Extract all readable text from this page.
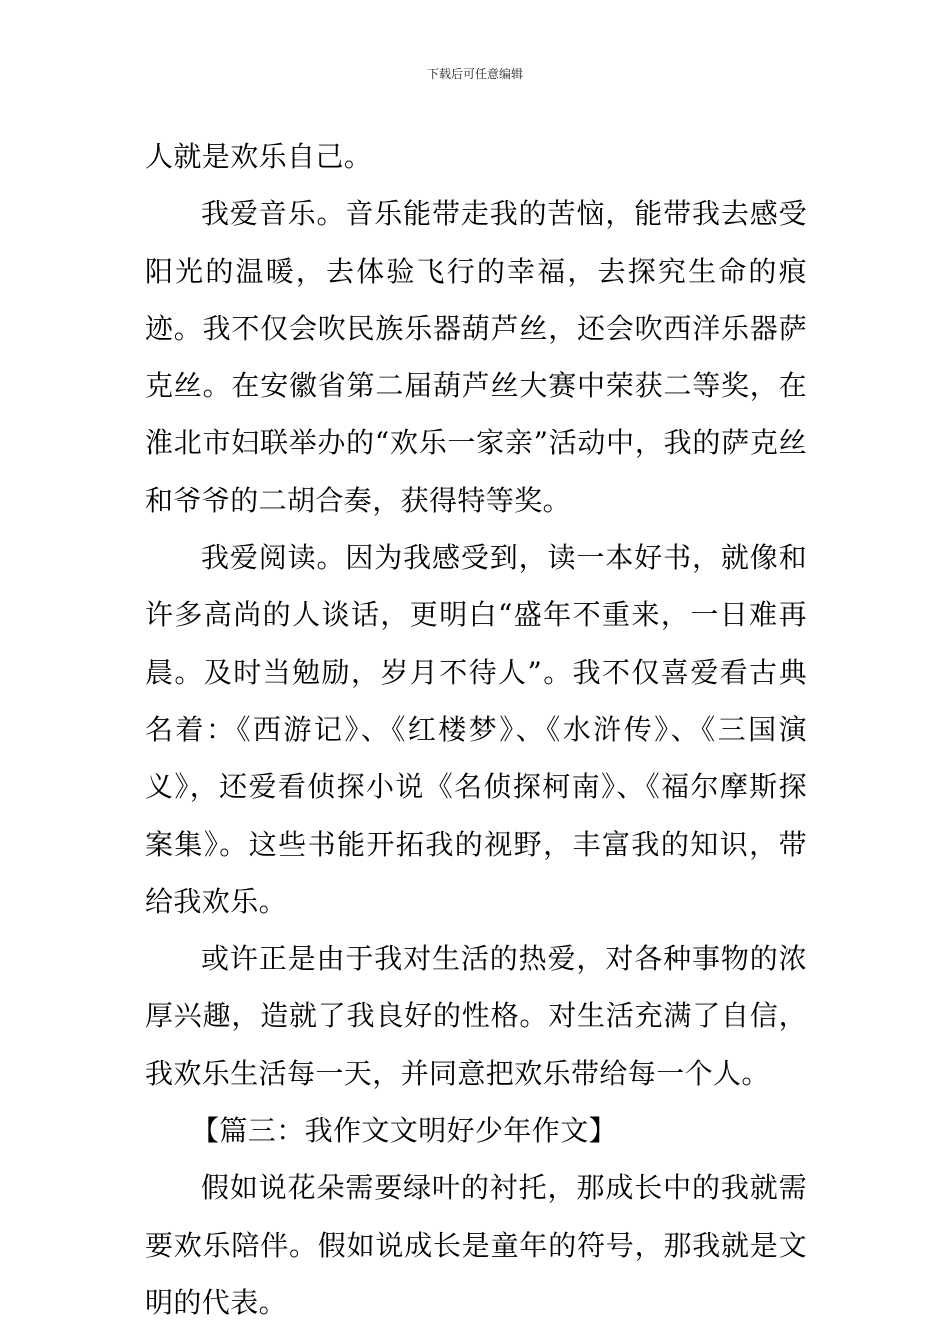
下载后可任意编辑

人就是欢乐自己。

我爱音乐。音乐能带走我的苦恼，能带我去感受阳光的温暖，去体验飞行的幸福，去探究生命的痕迹。我不仅会吹民族乐器葫芦丝，还会吹西洋乐器萨克丝。在安徽省第二届葫芦丝大赛中荣获二等奖，在淮北市妇联举办的“欢乐一家亲”活动中，我的萨克丝和爷爷的二胡合奏，获得特等奖。

我爱阅读。因为我感受到，读一本好书，就像和许多高尚的人谈话，更明白“盛年不重来，一日难再晨。及时当勉励，岁月不待人”。我不仅喜爱看古典名着：《西游记》、《红楼梦》、《水浒传》、《三国演义》，还爱看侦探小说《名侦探柯南》、《福尔摩斯探案集》。这些书能开拓我的视野，丰富我的知识，带给我欢乐。

或许正是由于我对生活的热爱，对各种事物的浓厚兴趣，造就了我良好的性格。对生活充满了自信，我欢乐生活每一天，并同意把欢乐带给每一个人。

【篇三：我作文文明好少年作文】

假如说花朵需要绿叶的衬托，那成长中的我就需要欢乐陪伴。假如说成长是童年的符号，那我就是文明的代表。
